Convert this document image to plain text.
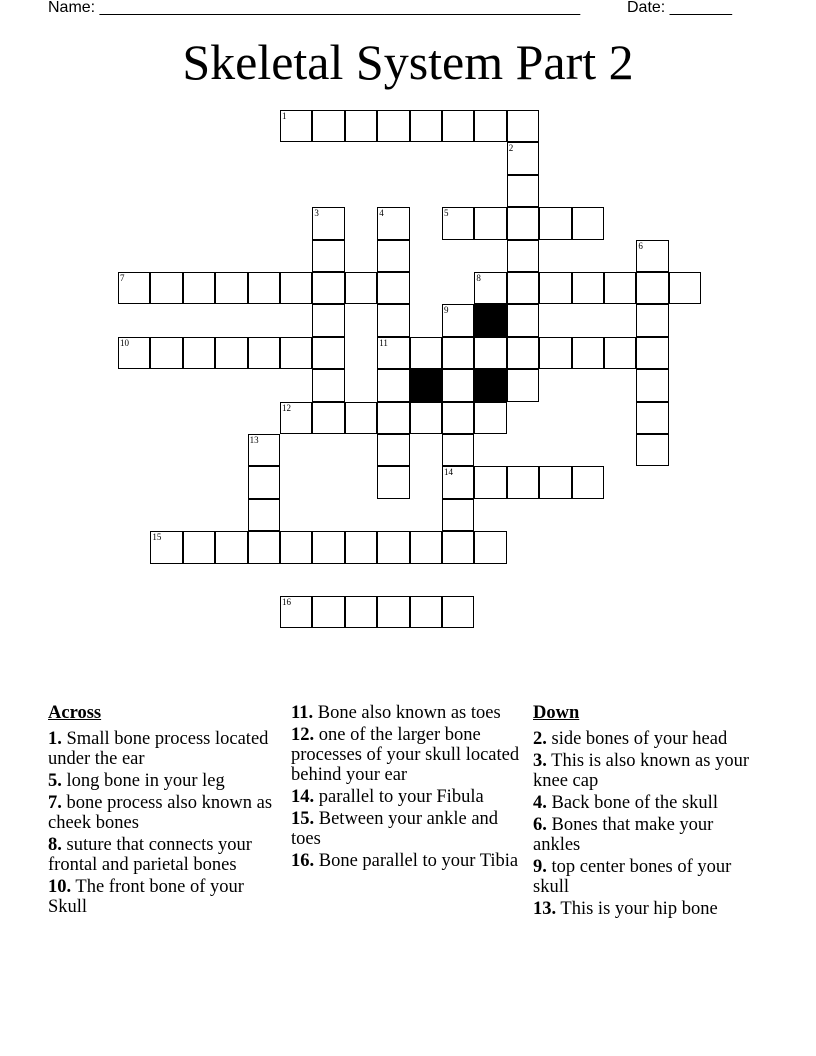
Name: ______________________________________________________	Date: _______
Skeletal System Part 2
1
2
3	4	5
6
7	8
9
10	11
12
13
14
15
16
Across
1. Small bone process located under the ear
5. long bone in your leg
7. bone process also known as cheek bones
8. suture that connects your frontal and parietal bones
10. The front bone of your Skull
11. Bone also known as toes
12. one of the larger bone processes of your skull located behind your ear
14. parallel to your Fibula
15. Between your ankle and toes
16. Bone parallel to your Tibia
Down
2. side bones of your head
3. This is also known as your knee cap
4. Back bone of the skull
6. Bones that make your ankles
9. top center bones of your skull
13. This is your hip bone
